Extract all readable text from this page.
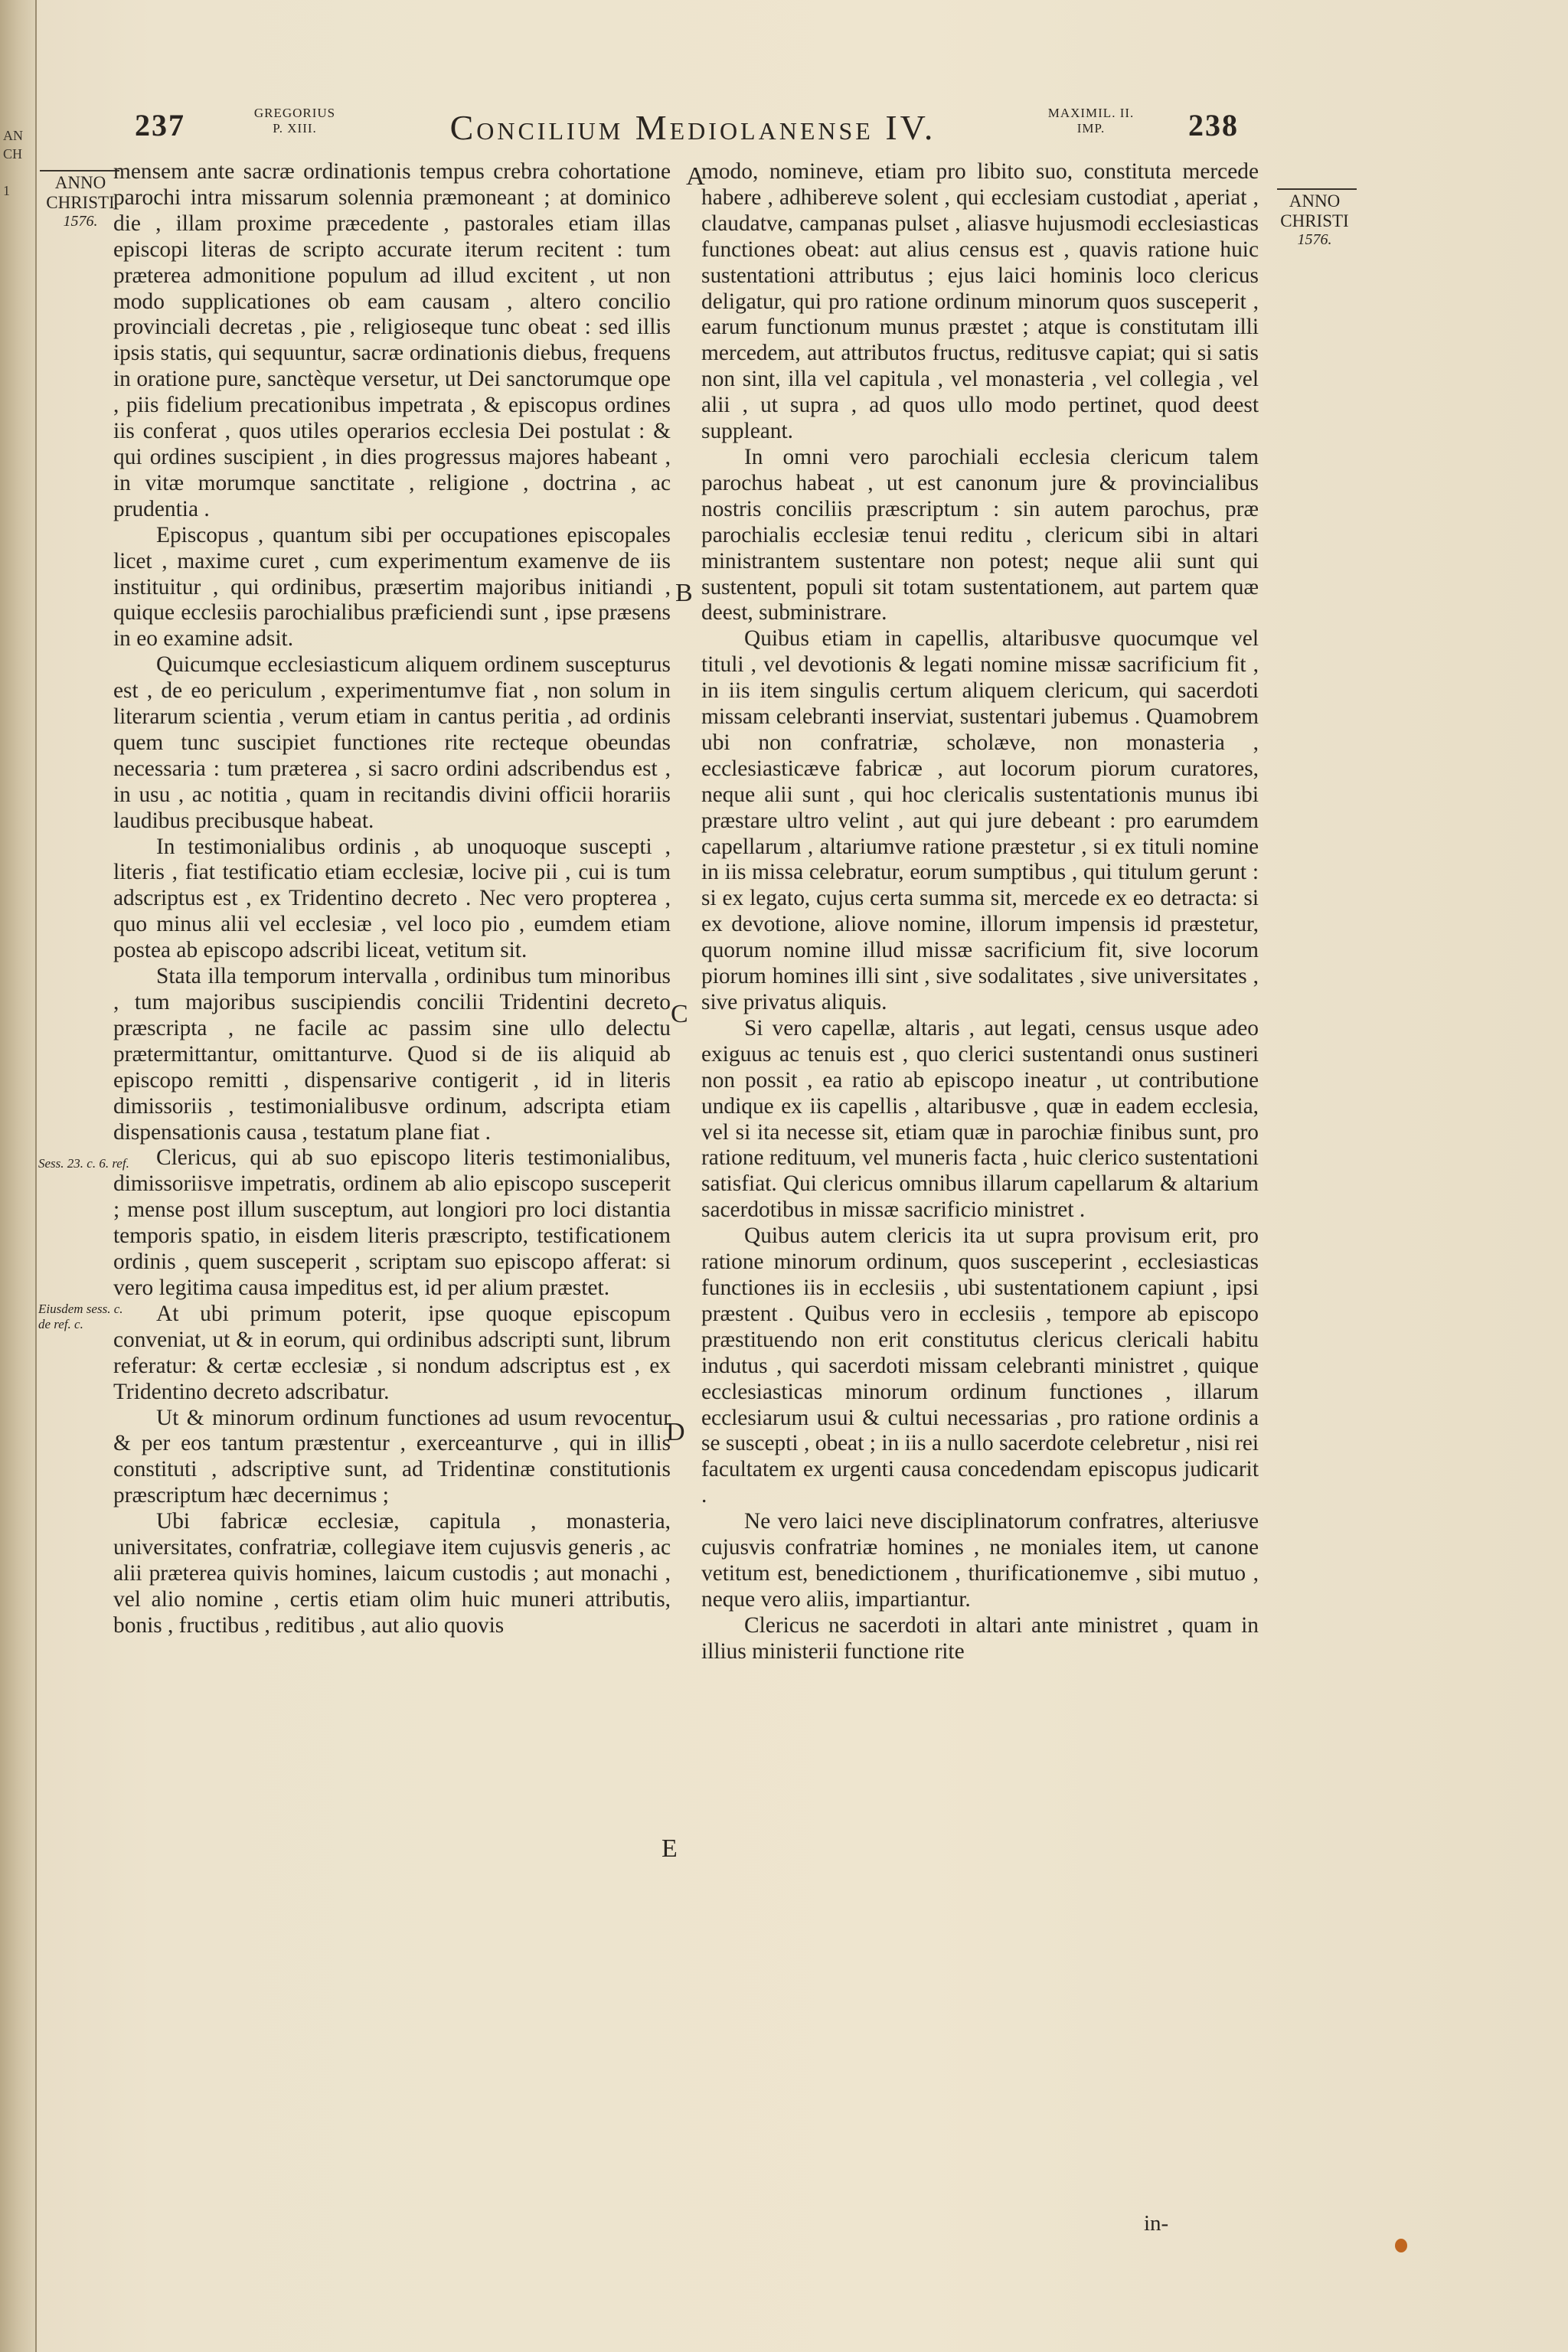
AN
CH
1
237	GREGORIUS
P. XIII.	Concilium Mediolanense IV.	MAXIMIL. II.
IMP.	238
ANNO
CHRISTI
1576.
ANNO
CHRISTI
1576.
Sess. 23. c. 6. ref.
Eiusdem sess. c. de ref. c.
A
B
C
D
E

mensem ante sacræ ordinationis tempus crebra cohortatione parochi intra missarum solennia præmoneant ; at dominico die , illam proxime præcedente , pastorales etiam illas episcopi literas de scripto accurate iterum recitent : tum præterea admonitione populum ad illud excitent , ut non modo supplicationes ob eam causam , altero concilio provinciali decretas , pie , religioseque tunc obeat : sed illis ipsis statis, qui sequuntur, sacræ ordinationis diebus, frequens in oratione pure, sanctèque versetur, ut Dei sanctorumque ope , piis fidelium precationibus impetrata , & episcopus ordines iis conferat , quos utiles operarios ecclesia Dei postulat : & qui ordines suscipient , in dies progressus majores habeant , in vitæ morumque sanctitate , religione , doctrina , ac prudentia .

Episcopus , quantum sibi per occupationes episcopales licet , maxime curet , cum experimentum examenve de iis instituitur , qui ordinibus, præsertim majoribus initiandi , quique ecclesiis parochialibus præficiendi sunt , ipse præsens in eo examine adsit.

Quicumque ecclesiasticum aliquem ordinem suscepturus est , de eo periculum , experimentumve fiat , non solum in literarum scientia , verum etiam in cantus peritia , ad ordinis quem tunc suscipiet functiones rite recteque obeundas necessaria : tum præterea , si sacro ordini adscribendus est , in usu , ac notitia , quam in recitandis divini officii horariis laudibus precibusque habeat.

In testimonialibus ordinis , ab unoquoque suscepti , literis , fiat testificatio etiam ecclesiæ, locive pii , cui is tum adscriptus est , ex Tridentino decreto . Nec vero propterea , quo minus alii vel ecclesiæ , vel loco pio , eumdem etiam postea ab episcopo adscribi liceat, vetitum sit.

Stata illa temporum intervalla , ordinibus tum minoribus , tum majoribus suscipiendis concilii Tridentini decreto præscripta , ne facile ac passim sine ullo delectu prætermittantur, omittanturve. Quod si de iis aliquid ab episcopo remitti , dispensarive contigerit , id in literis dimissoriis , testimonialibusve ordinum, adscripta etiam dispensationis causa , testatum plane fiat .

Clericus, qui ab suo episcopo literis testimonialibus, dimissoriisve impetratis, ordinem ab alio episcopo susceperit ; mense post illum susceptum, aut longiori pro loci distantia temporis spatio, in eisdem literis præscripto, testificationem ordinis , quem susceperit , scriptam suo episcopo afferat: si vero legitima causa impeditus est, id per alium præstet.

At ubi primum poterit, ipse quoque episcopum conveniat, ut & in eorum, qui ordinibus adscripti sunt, librum referatur: & certæ ecclesiæ , si nondum adscriptus est , ex Tridentino decreto adscribatur.

Ut & minorum ordinum functiones ad usum revocentur & per eos tantum præstentur , exerceanturve , qui in illis constituti , adscriptive sunt, ad Tridentinæ constitutionis præscriptum hæc decernimus ;

Ubi fabricæ ecclesiæ, capitula , monasteria, universitates, confratriæ, collegiave item cujusvis generis , ac alii præterea quivis homines, laicum custodis ; aut monachi , vel alio nomine , certis etiam olim huic muneri attributis, bonis , fructibus , reditibus , aut alio quovis

modo, nomineve, etiam pro libito suo, constituta mercede habere , adhibereve solent , qui ecclesiam custodiat , aperiat , claudatve, campanas pulset , aliasve hujusmodi ecclesiasticas functiones obeat: aut alius census est , quavis ratione huic sustentationi attributus ; ejus laici hominis loco clericus deligatur, qui pro ratione ordinum minorum quos susceperit , earum functionum munus præstet ; atque is constitutam illi mercedem, aut attributos fructus, reditusve capiat; qui si satis non sint, illa vel capitula , vel monasteria , vel collegia , vel alii , ut supra , ad quos ullo modo pertinet, quod deest suppleant.

In omni vero parochiali ecclesia clericum talem parochus habeat , ut est canonum jure & provincialibus nostris conciliis præscriptum : sin autem parochus, præ parochialis ecclesiæ tenui reditu , clericum sibi in altari ministrantem sustentare non potest; neque alii sunt qui sustentent, populi sit totam sustentationem, aut partem quæ deest, subministrare.

Quibus etiam in capellis, altaribusve quocumque vel tituli , vel devotionis & legati nomine missæ sacrificium fit , in iis item singulis certum aliquem clericum, qui sacerdoti missam celebranti inserviat, sustentari jubemus . Quamobrem ubi non confratriæ, scholæve, non monasteria , ecclesiasticæve fabricæ , aut locorum piorum curatores, neque alii sunt , qui hoc clericalis sustentationis munus ibi præstare ultro velint , aut qui jure debeant : pro earumdem capellarum , altariumve ratione præstetur , si ex tituli nomine in iis missa celebratur, eorum sumptibus , qui titulum gerunt : si ex legato, cujus certa summa sit, mercede ex eo detracta: si ex devotione, aliove nomine, illorum impensis id præstetur, quorum nomine illud missæ sacrificium fit, sive locorum piorum homines illi sint , sive sodalitates , sive universitates , sive privatus aliquis.

Si vero capellæ, altaris , aut legati, census usque adeo exiguus ac tenuis est , quo clerici sustentandi onus sustineri non possit , ea ratio ab episcopo ineatur , ut contributione undique ex iis capellis , altaribusve , quæ in eadem ecclesia, vel si ita necesse sit, etiam quæ in parochiæ finibus sunt, pro ratione redituum, vel muneris facta , huic clerico sustentationi satisfiat. Qui clericus omnibus illarum capellarum & altarium sacerdotibus in missæ sacrificio ministret .

Quibus autem clericis ita ut supra provisum erit, pro ratione minorum ordinum, quos susceperint , ecclesiasticas functiones iis in ecclesiis , ubi sustentationem capiunt , ipsi præstent . Quibus vero in ecclesiis , tempore ab episcopo præstituendo non erit constitutus clericus clericali habitu indutus , qui sacerdoti missam celebranti ministret , quique ecclesiasticas minorum ordinum functiones , illarum ecclesiarum usui & cultui necessarias , pro ratione ordinis a se suscepti , obeat ; in iis a nullo sacerdote celebretur , nisi rei facultatem ex urgenti causa concedendam episcopus judicarit .

Ne vero laici neve disciplinatorum confratres, alteriusve cujusvis confratriæ homines , ne moniales item, ut canone vetitum est, benedictionem , thurificationemve , sibi mutuo , neque vero aliis, impartiantur.

Clericus ne sacerdoti in altari ante ministret , quam in illius ministerii functione rite

in-
